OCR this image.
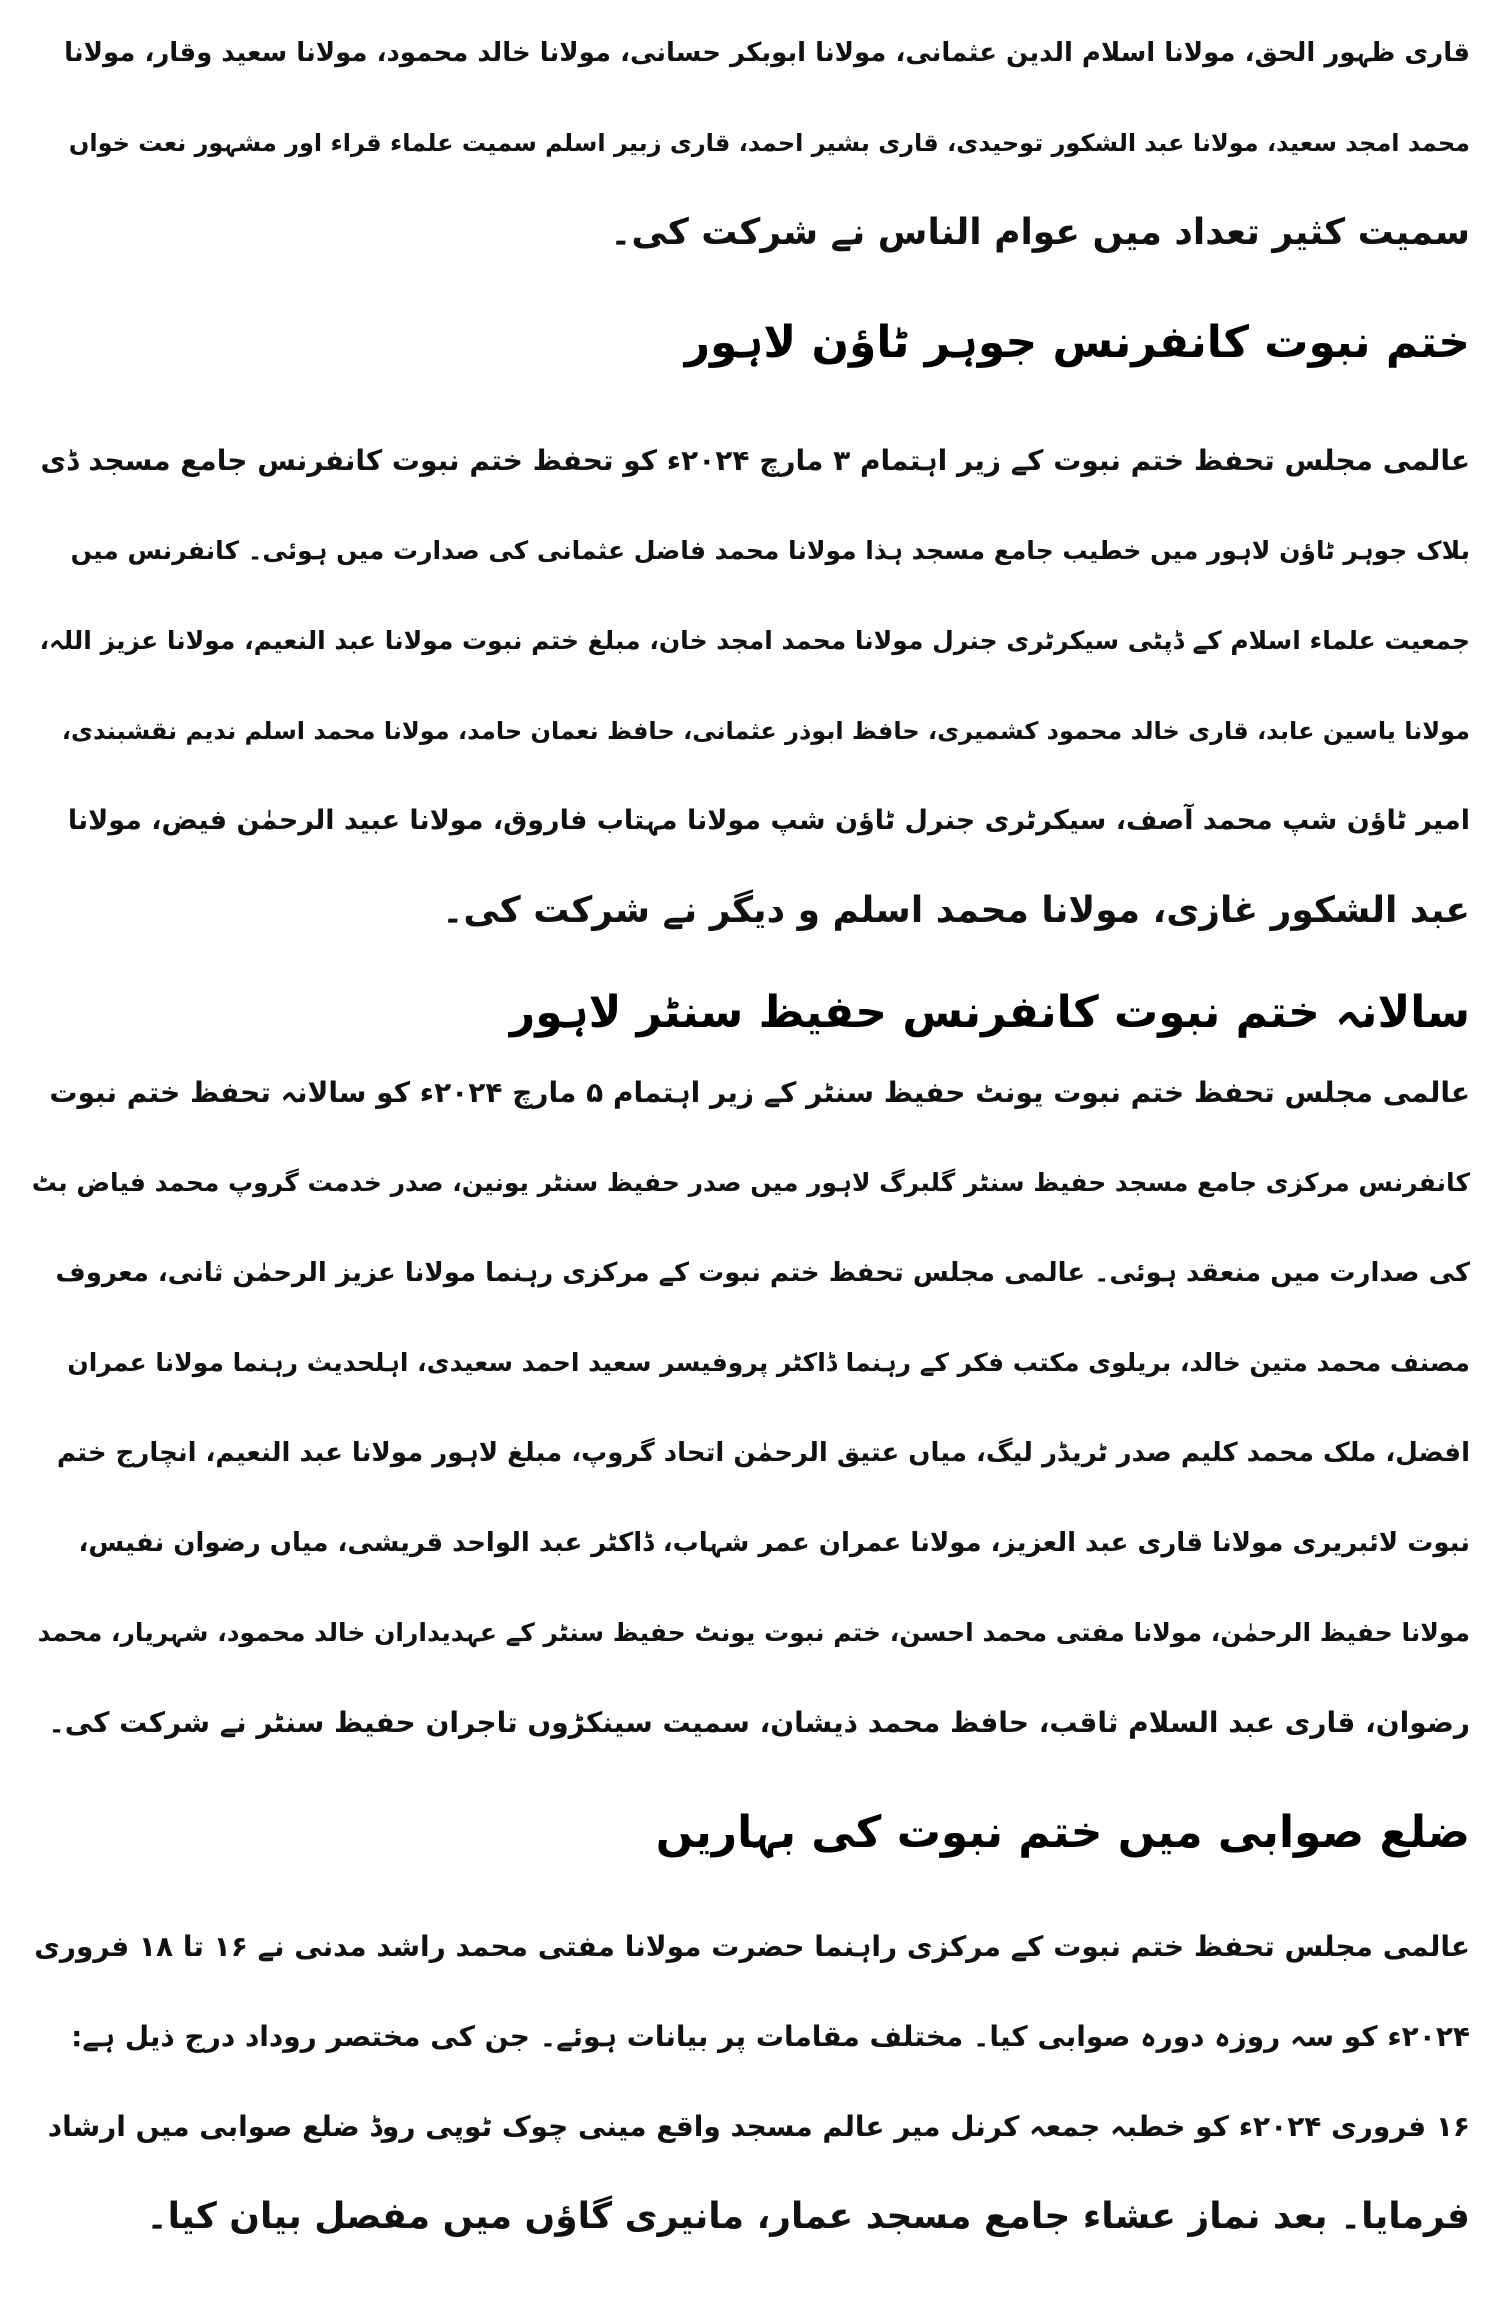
قاری ظہور الحق، مولانا اسلام الدین عثمانی، مولانا ابوبکر حسانی، مولانا خالد محمود، مولانا سعید وقار، مولانا
محمد امجد سعید، مولانا عبد الشکور توحیدی، قاری بشیر احمد، قاری زبیر اسلم سمیت علماء قراء اور مشہور نعت خواں
سمیت کثیر تعداد میں عوام الناس نے شرکت کی۔
ختم نبوت کانفرنس جوہر ٹاؤن لاہور
عالمی مجلس تحفظ ختم نبوت کے زیر اہتمام ۳ مارچ ۲۰۲۴ء کو تحفظ ختم نبوت کانفرنس جامع مسجد ڈی
بلاک جوہر ٹاؤن لاہور میں خطیب جامع مسجد ہذا مولانا محمد فاضل عثمانی کی صدارت میں ہوئی۔ کانفرنس میں
جمعیت علماء اسلام کے ڈپٹی سیکرٹری جنرل مولانا محمد امجد خان، مبلغ ختم نبوت مولانا عبد النعیم، مولانا عزیز اللہ،
مولانا یاسین عابد، قاری خالد محمود کشمیری، حافظ ابوذر عثمانی، حافظ نعمان حامد، مولانا محمد اسلم ندیم نقشبندی،
امیر ٹاؤن شپ محمد آصف، سیکرٹری جنرل ٹاؤن شپ مولانا مہتاب فاروق، مولانا عبید الرحمٰن فیض، مولانا
عبد الشکور غازی، مولانا محمد اسلم و دیگر نے شرکت کی۔
سالانہ ختم نبوت کانفرنس حفیظ سنٹر لاہور
عالمی مجلس تحفظ ختم نبوت یونٹ حفیظ سنٹر کے زیر اہتمام ۵ مارچ ۲۰۲۴ء کو سالانہ تحفظ ختم نبوت
کانفرنس مرکزی جامع مسجد حفیظ سنٹر گلبرگ لاہور میں صدر حفیظ سنٹر یونین، صدر خدمت گروپ محمد فیاض بٹ
کی صدارت میں منعقد ہوئی۔ عالمی مجلس تحفظ ختم نبوت کے مرکزی رہنما مولانا عزیز الرحمٰن ثانی، معروف
مصنف محمد متین خالد، بریلوی مکتب فکر کے رہنما ڈاکٹر پروفیسر سعید احمد سعیدی، اہلحدیث رہنما مولانا عمران
افضل، ملک محمد کلیم صدر ٹریڈر لیگ، میاں عتیق الرحمٰن اتحاد گروپ، مبلغ لاہور مولانا عبد النعیم، انچارج ختم
نبوت لائبریری مولانا قاری عبد العزیز، مولانا عمران عمر شہاب، ڈاکٹر عبد الواحد قریشی، میاں رضوان نفیس،
مولانا حفیظ الرحمٰن، مولانا مفتی محمد احسن، ختم نبوت یونٹ حفیظ سنٹر کے عہدیداران خالد محمود، شہریار، محمد
رضوان، قاری عبد السلام ثاقب، حافظ محمد ذیشان، سمیت سینکڑوں تاجران حفیظ سنٹر نے شرکت کی۔
ضلع صوابی میں ختم نبوت کی بہاریں
عالمی مجلس تحفظ ختم نبوت کے مرکزی راہنما حضرت مولانا مفتی محمد راشد مدنی نے ۱۶ تا ۱۸ فروری
۲۰۲۴ء کو سہ روزہ دورہ صوابی کیا۔ مختلف مقامات پر بیانات ہوئے۔ جن کی مختصر روداد درج ذیل ہے:
۱۶ فروری ۲۰۲۴ء کو خطبہ جمعہ کرنل میر عالم مسجد واقع مینی چوک ٹوپی روڈ ضلع صوابی میں ارشاد
فرمایا۔ بعد نماز عشاء جامع مسجد عمار، مانیری گاؤں میں مفصل بیان کیا۔
